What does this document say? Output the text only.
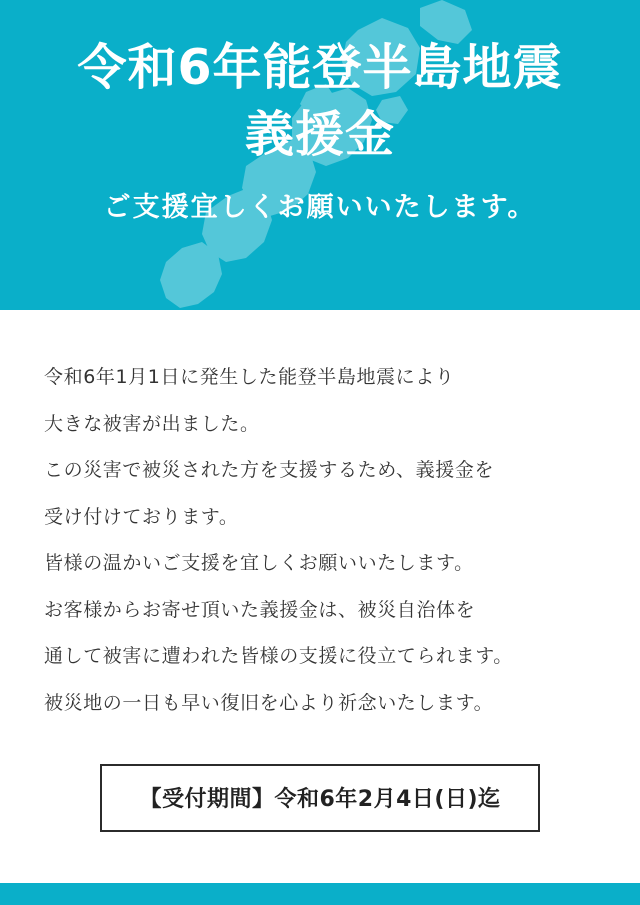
令和6年能登半島地震
義援金
ご支援宜しくお願いいたします。
令和6年1月1日に発生した能登半島地震により
大きな被害が出ました。
この災害で被災された方を支援するため、義援金を
受け付けております。
皆様の温かいご支援を宜しくお願いいたします。
お客様からお寄せ頂いた義援金は、被災自治体を
通して被害に遭われた皆様の支援に役立てられます。
被災地の一日も早い復旧を心より祈念いたします。
【受付期間】令和6年2月4日(日)迄
